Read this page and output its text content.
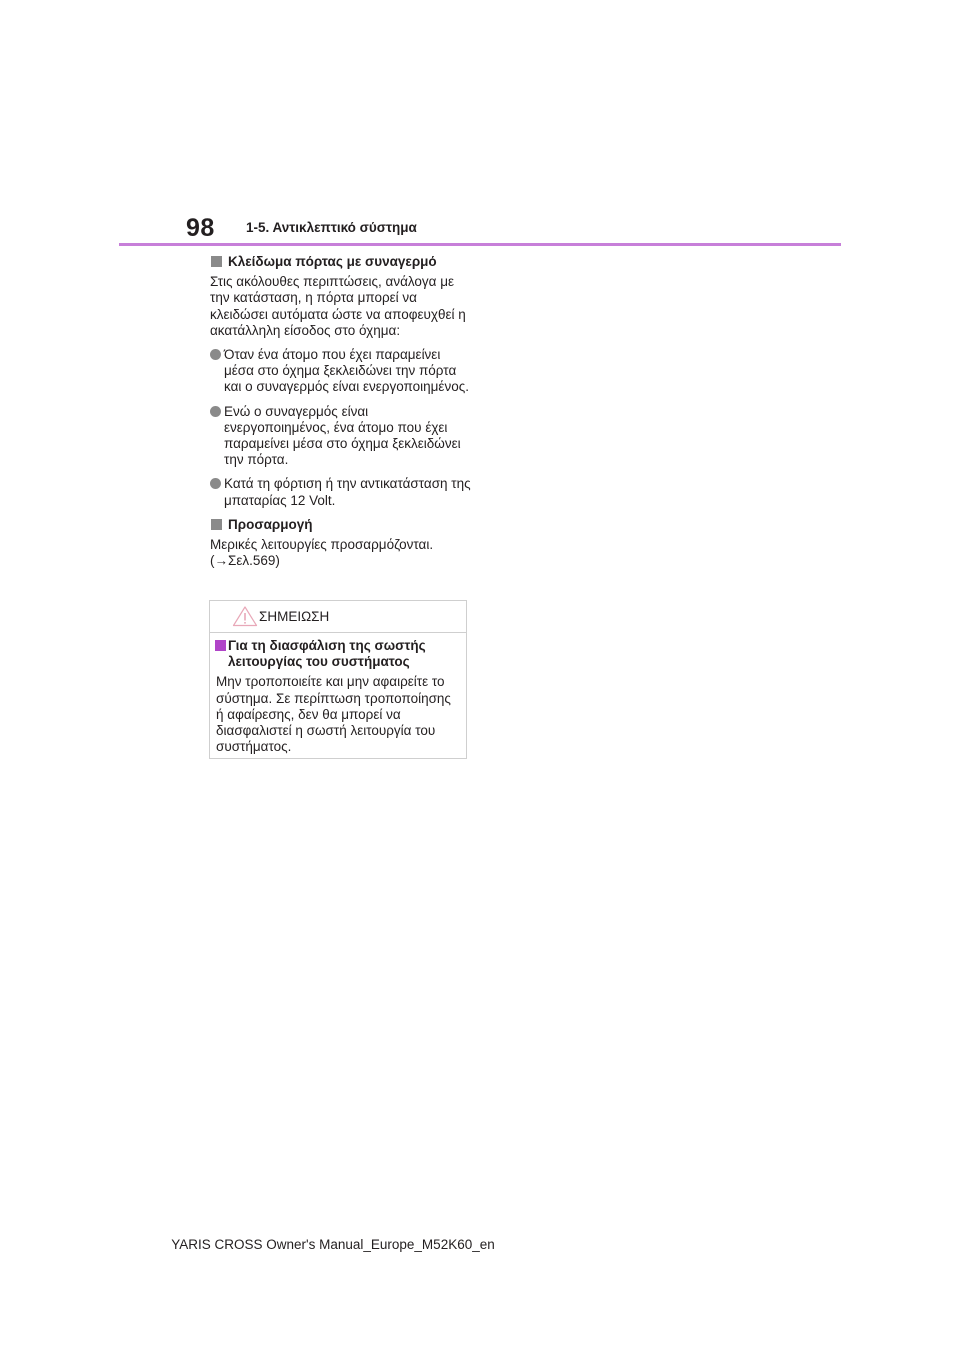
98 1-5. Αντικλεπτικό σύστημα
Κλείδωμα πόρτας με συναγερμό

Στις ακόλουθες περιπτώσεις, ανάλογα με την κατάσταση, η πόρτα μπορεί να κλειδώσει αυτόματα ώστε να αποφευχθεί η ακατάλληλη είσοδος στο όχημα:

Όταν ένα άτομο που έχει παραμείνει μέσα στο όχημα ξεκλειδώνει την πόρτα και ο συναγερμός είναι ενεργοποιημένος.
Ενώ ο συναγερμός είναι ενεργοποιημένος, ένα άτομο που έχει παραμείνει μέσα στο όχημα ξεκλειδώνει την πόρτα.
Κατά τη φόρτιση ή την αντικατάσταση της μπαταρίας 12 Volt.
Προσαρμογή

Μερικές λειτουργίες προσαρμόζονται.
(→Σελ.569)

ΣΗΜΕΙΩΣΗ
Για τη διασφάλιση της σωστής λειτουργίας του συστήματος
Μην τροποποιείτε και μην αφαιρείτε το σύστημα. Σε περίπτωση τροποποίησης ή αφαίρεσης, δεν θα μπορεί να διασφαλιστεί η σωστή λειτουργία του συστήματος.
YARIS CROSS Owner's Manual_Europe_M52K60_en
